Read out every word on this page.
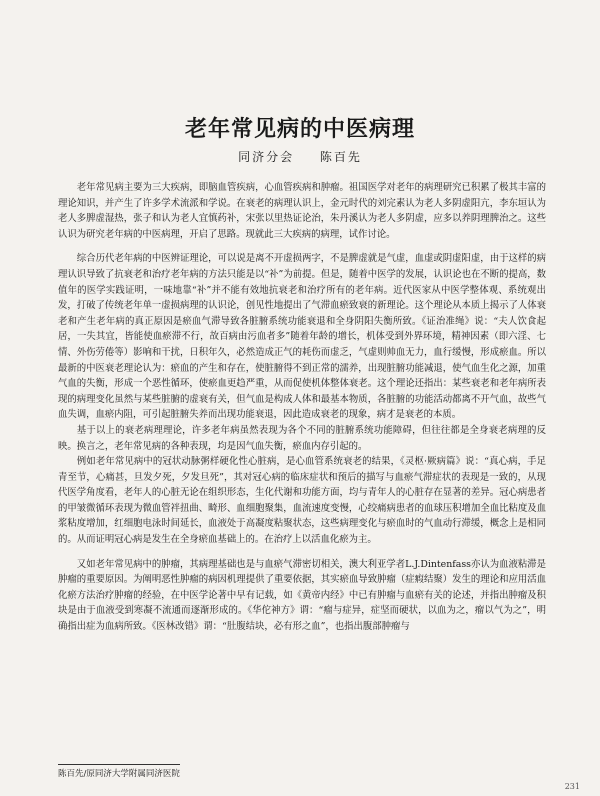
老年常见病的中医病理
同济分会 陈百先

老年常见病主要为三大疾病，即脑血管疾病，心血管疾病和肿瘤。祖国医学对老年的病理研究已积累了极其丰富的理论知识，并产生了许多学术流派和学说。在衰老的病理认识上，金元时代的刘完素认为老人多阴虚阳亢，李东垣认为老人多脾虚湿热，张子和认为老人宜慎药补，宋张以里热证论治，朱丹溪认为老人多阴虚，应多以养阴理脾治之。这些认识为研究老年病的中医病理，开启了思路。现就此三大疾病的病理，试作讨论。

综合历代老年病的中医辨证理论，可以说是离不开虚损两字，不是脾虚就是气虚，血虚或阴虚阳虚，由于这样的病理认识导致了抗衰老和治疗老年病的方法只能是以“补”为前提。但是，随着中医学的发展，认识论也在不断的提高，数值年的医学实践证明，一味地靠“补”并不能有效地抗衰老和治疗所有的老年病。近代医家从中医学整体观、系统观出发，打破了传统老年单一虚损病理的认识论，创见性地提出了气滞血瘀致衰的新理论。这个理论从本质上揭示了人体衰老和产生老年病的真正原因是瘀血气滞导致各脏腑系统功能衰退和全身阴阳失衡所致。《证治准绳》说：“夫人饮食起居，一失其宜，皆能使血瘀滞不行，故百病由污血者多”随着年龄的增长，机体受到外界环境，精神因素（即六淫、七情、外伤劳倦等）影响和干扰，日积年久，必然造成正气的耗伤而虚乏，气虚则帅血无力，血行缓慢，形成瘀血。所以最新的中医衰老理论认为：瘀血的产生和存在，使脏腑得不到正常的濡养，出现脏腑功能减退，使气血生化之源，加重气血的失衡，形成一个恶性循环，使瘀血更趋严重，从而促使机体整体衰老。这个理论还指出：某些衰老和老年病所表现的病理变化虽然与某些脏腑的虚衰有关，但气血是构成人体和最基本物质，各脏腑的功能活动都离不开气血，故些气血失调，血瘀内阻，可引起脏腑失养而出现功能衰退，因此造成衰老的现象，病才是衰老的本质。

基于以上的衰老病理理论，许多老年病虽然表现为各个不同的脏腑系统功能障碍，但往往都是全身衰老病理的反映。换言之，老年常见病的各种表现，均是因气血失衡，瘀血内存引起的。

例如老年常见病中的冠状动脉粥样硬化性心脏病，是心血管系统衰老的结果，《灵枢·厥病篇》说：“真心病，手足青至节，心痛甚，旦发夕死，夕发旦死”，其对冠心病的临床症状和预后的描写与血瘀气滞症状的表现是一致的，从现代医学角度看，老年人的心脏无论在组织形态，生化代谢和功能方面，均与青年人的心脏存在显著的差异。冠心病患者的甲皱微循环表现为微血管袢扭曲、畸形、血细胞聚集，血流速度变慢，心绞痛病患者的血球压积增加全血比粘度及血浆粘度增加，红细胞电泳时间延长，血液处于高凝度粘聚状态，这些病理变化与瘀血时的气血动行滞缓，概念上是相同的。从而证明冠心病是发生在全身瘀血基础上的。在治疗上以活血化瘀为主。

又如老年常见病中的肿瘤，其病理基础也是与血瘀气滞密切相关，澳大利亚学者L.J.Dintenfass亦认为血液粘滞是肿瘤的重要原因。为阐明恶性肿瘤的病因机理提供了重要依据，其实瘀血导致肿瘤（症瘕结聚）发生的理论和应用活血化瘀方法治疗肿瘤的经验，在中医学论著中早有记载，如《黄帝内经》中已有肿瘤与血瘀有关的论述，并指出肿瘤及积块是由于血液受到寒凝不流通而逐渐形成的。《华佗神方》谓：“瘤与症异，症坚而硬状，以血为之，瘤以气为之”，明确指出症为血病所致。《医林改错》谓：“肚腹结块，必有形之血”，也指出腹部肿瘤与

陈百先/原同济大学附属同济医院
231
